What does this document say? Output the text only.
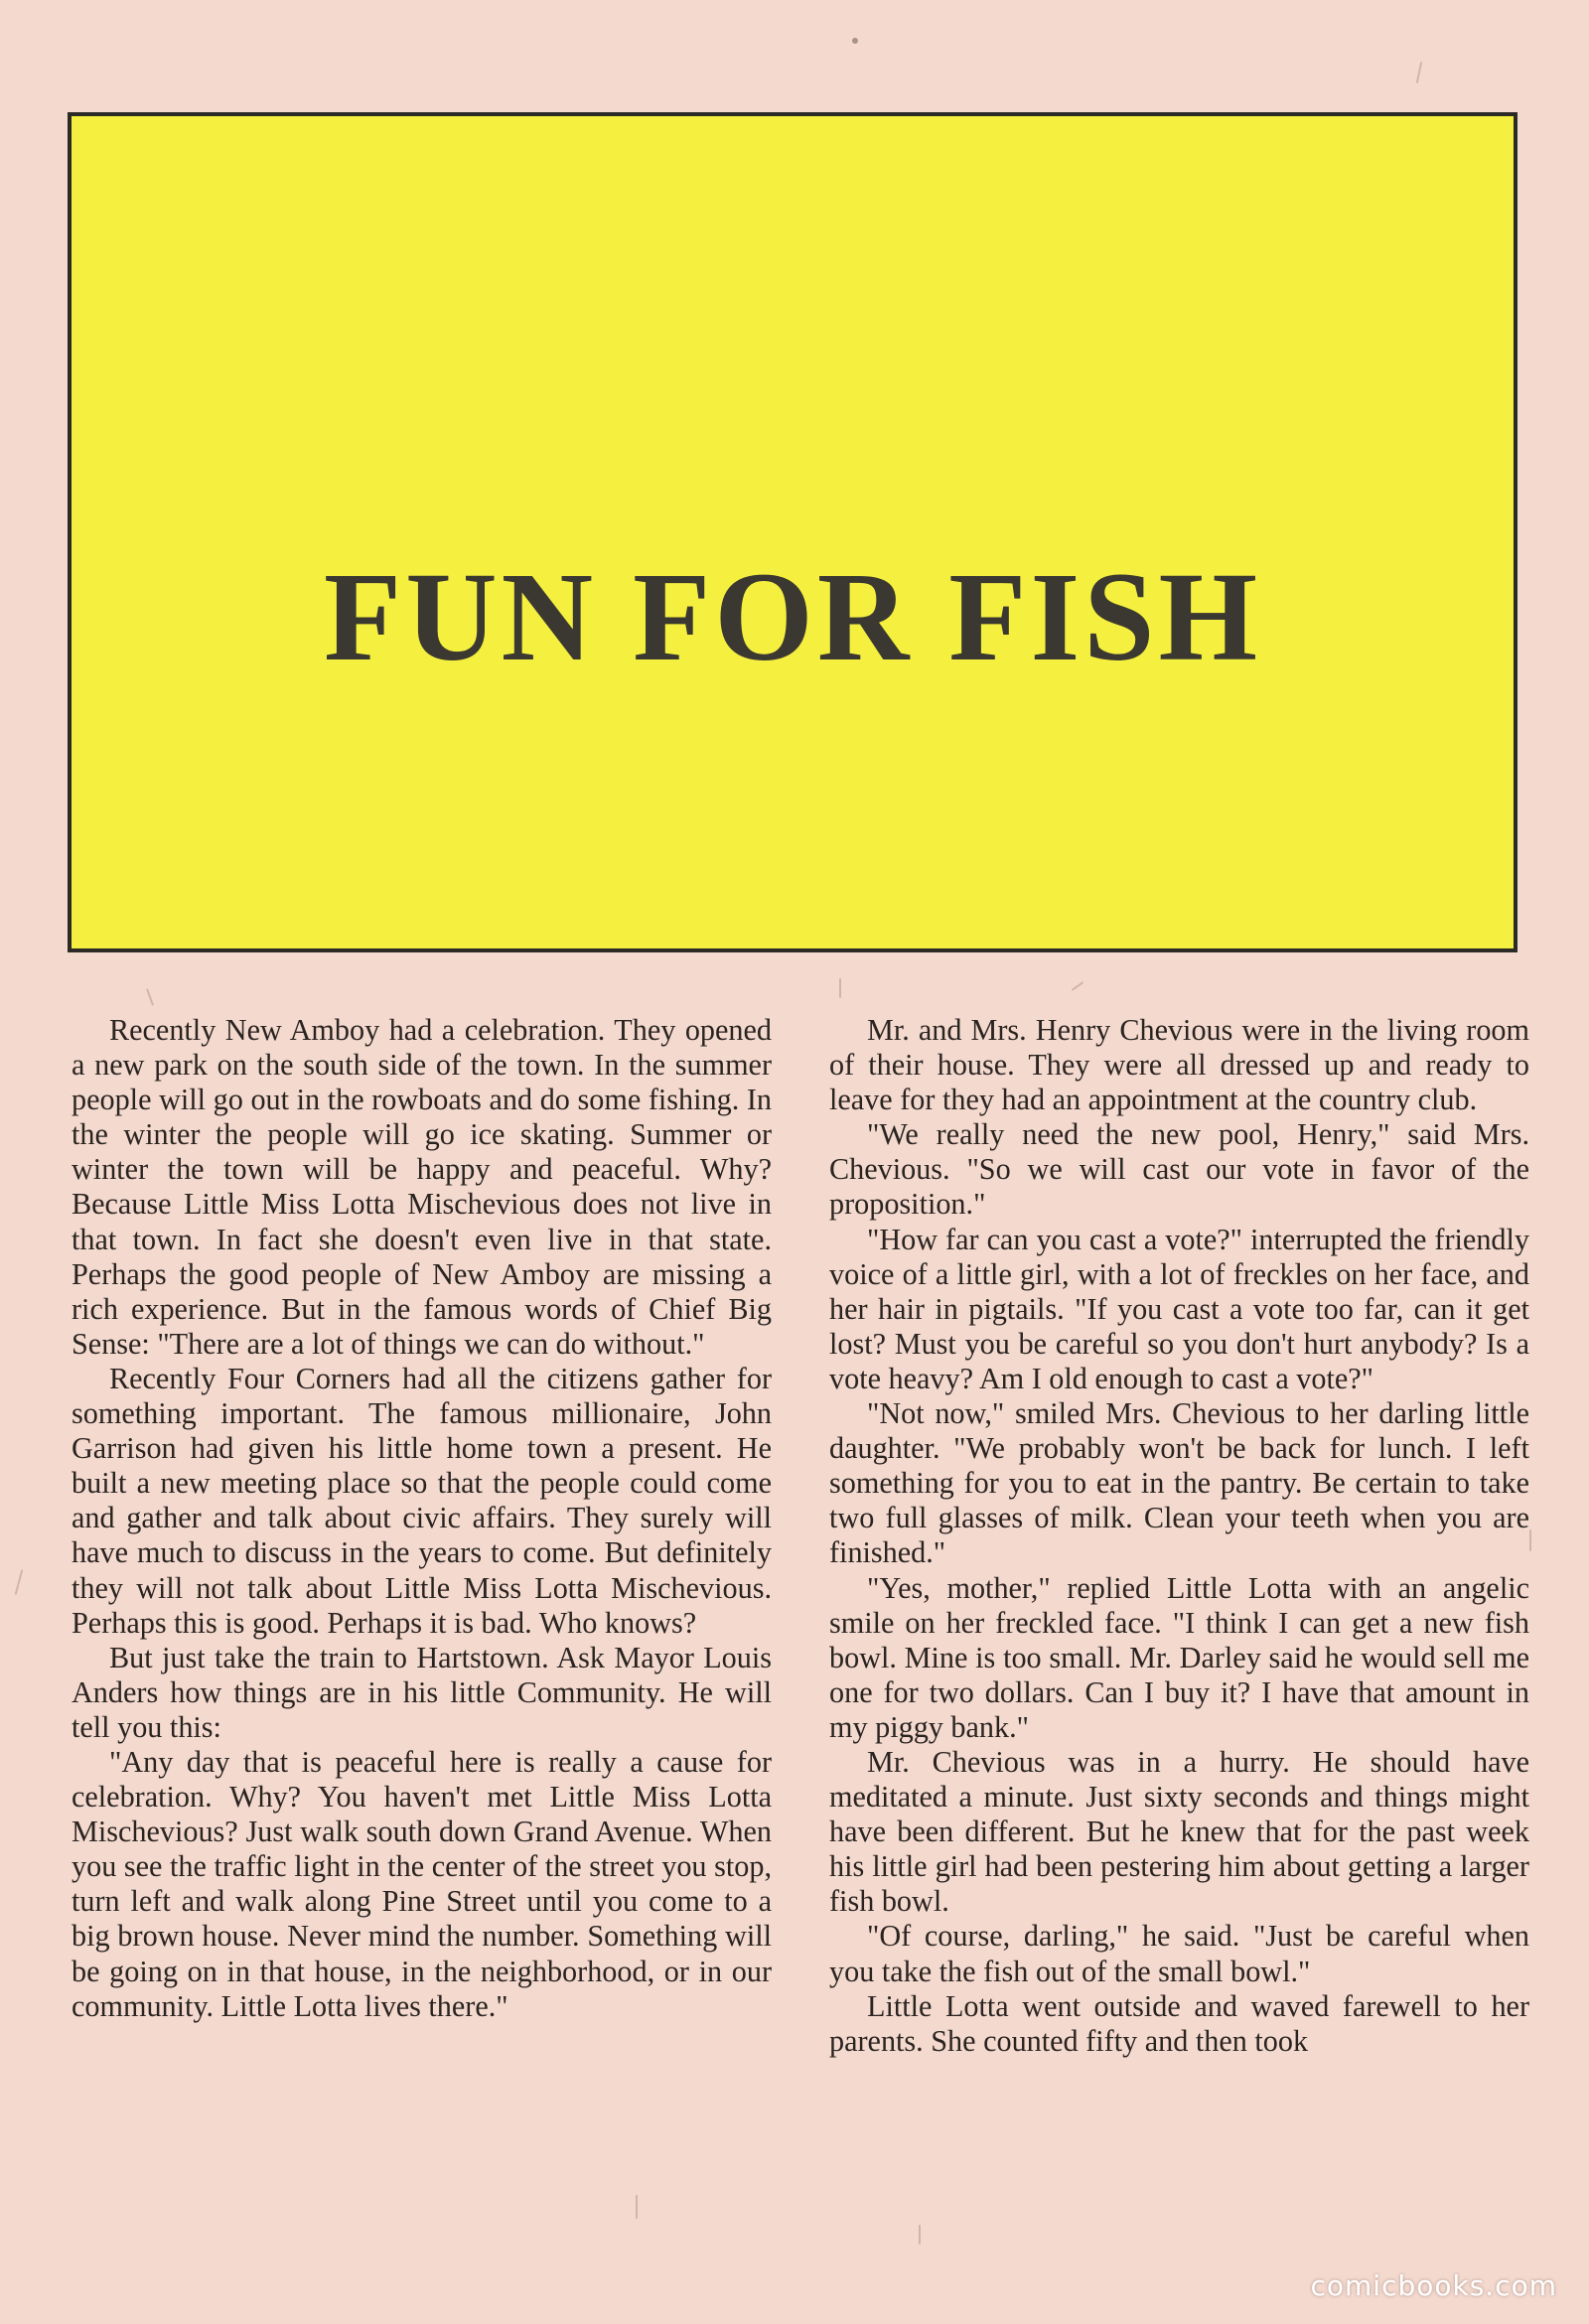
FUN FOR FISH

Recently New Amboy had a celebration. They opened a new park on the south side of the town. In the summer people will go out in the rowboats and do some fishing. In the winter the people will go ice skating. Summer or winter the town will be happy and peaceful. Why? Because Little Miss Lotta Mischevious does not live in that town. In fact she doesn't even live in that state. Perhaps the good people of New Amboy are missing a rich experience. But in the famous words of Chief Big Sense: "There are a lot of things we can do without."

Recently Four Corners had all the citizens gather for something important. The famous millionaire, John Garrison had given his little home town a present. He built a new meeting place so that the people could come and gather and talk about civic affairs. They surely will have much to discuss in the years to come. But definitely they will not talk about Little Miss Lotta Mischevious. Perhaps this is good. Perhaps it is bad. Who knows?

But just take the train to Hartstown. Ask Mayor Louis Anders how things are in his little Community. He will tell you this:

"Any day that is peaceful here is really a cause for celebration. Why? You haven't met Little Miss Lotta Mischevious? Just walk south down Grand Avenue. When you see the traffic light in the center of the street you stop, turn left and walk along Pine Street until you come to a big brown house. Never mind the number. Something will be going on in that house, in the neighborhood, or in our community. Little Lotta lives there."

Mr. and Mrs. Henry Chevious were in the living room of their house. They were all dressed up and ready to leave for they had an appointment at the country club.

"We really need the new pool, Henry," said Mrs. Chevious. "So we will cast our vote in favor of the proposition."

"How far can you cast a vote?" interrupted the friendly voice of a little girl, with a lot of freckles on her face, and her hair in pigtails. "If you cast a vote too far, can it get lost? Must you be careful so you don't hurt anybody? Is a vote heavy? Am I old enough to cast a vote?"

"Not now," smiled Mrs. Chevious to her darling little daughter. "We probably won't be back for lunch. I left something for you to eat in the pantry. Be certain to take two full glasses of milk. Clean your teeth when you are finished."

"Yes, mother," replied Little Lotta with an angelic smile on her freckled face. "I think I can get a new fish bowl. Mine is too small. Mr. Darley said he would sell me one for two dollars. Can I buy it? I have that amount in my piggy bank."

Mr. Chevious was in a hurry. He should have meditated a minute. Just sixty seconds and things might have been different. But he knew that for the past week his little girl had been pestering him about getting a larger fish bowl.

"Of course, darling," he said. "Just be careful when you take the fish out of the small bowl."

Little Lotta went outside and waved farewell to her parents. She counted fifty and then took

comicbooks.com
